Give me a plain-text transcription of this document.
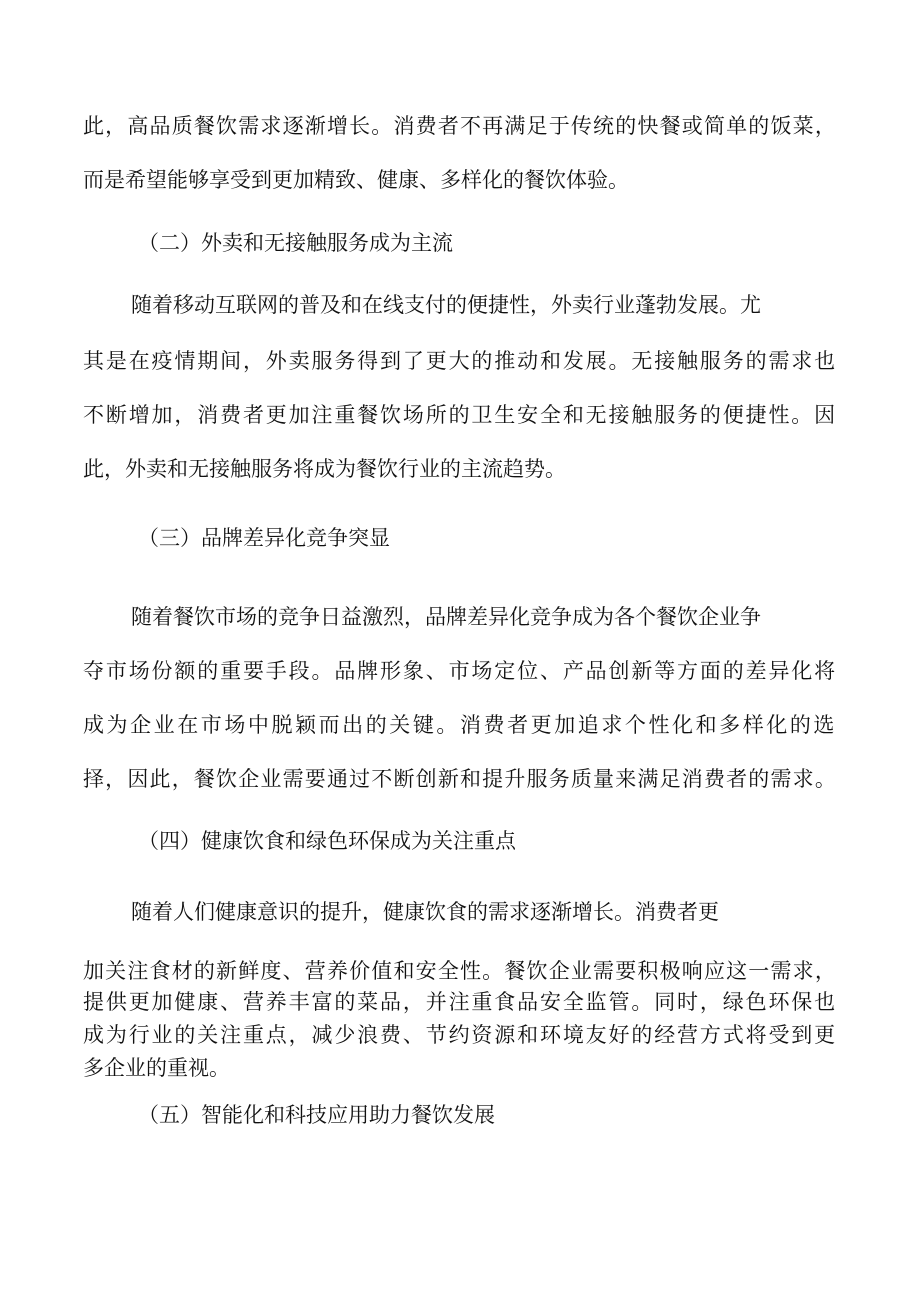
此，高品质餐饮需求逐渐增长。消费者不再满足于传统的快餐或简单的饭菜，
而是希望能够享受到更加精致、健康、多样化的餐饮体验。
（二）外卖和无接触服务成为主流
随着移动互联网的普及和在线支付的便捷性，外卖行业蓬勃发展。尤
其是在疫情期间，外卖服务得到了更大的推动和发展。无接触服务的需求也
不断增加，消费者更加注重餐饮场所的卫生安全和无接触服务的便捷性。因
此，外卖和无接触服务将成为餐饮行业的主流趋势。
（三）品牌差异化竞争突显
随着餐饮市场的竞争日益激烈，品牌差异化竞争成为各个餐饮企业争
夺市场份额的重要手段。品牌形象、市场定位、产品创新等方面的差异化将
成为企业在市场中脱颖而出的关键。消费者更加追求个性化和多样化的选
择，因此，餐饮企业需要通过不断创新和提升服务质量来满足消费者的需求。
（四）健康饮食和绿色环保成为关注重点
随着人们健康意识的提升，健康饮食的需求逐渐增长。消费者更
加关注食材的新鲜度、营养价值和安全性。餐饮企业需要积极响应这一需求，
提供更加健康、营养丰富的菜品，并注重食品安全监管。同时，绿色环保也
成为行业的关注重点，减少浪费、节约资源和环境友好的经营方式将受到更
多企业的重视。
（五）智能化和科技应用助力餐饮发展
